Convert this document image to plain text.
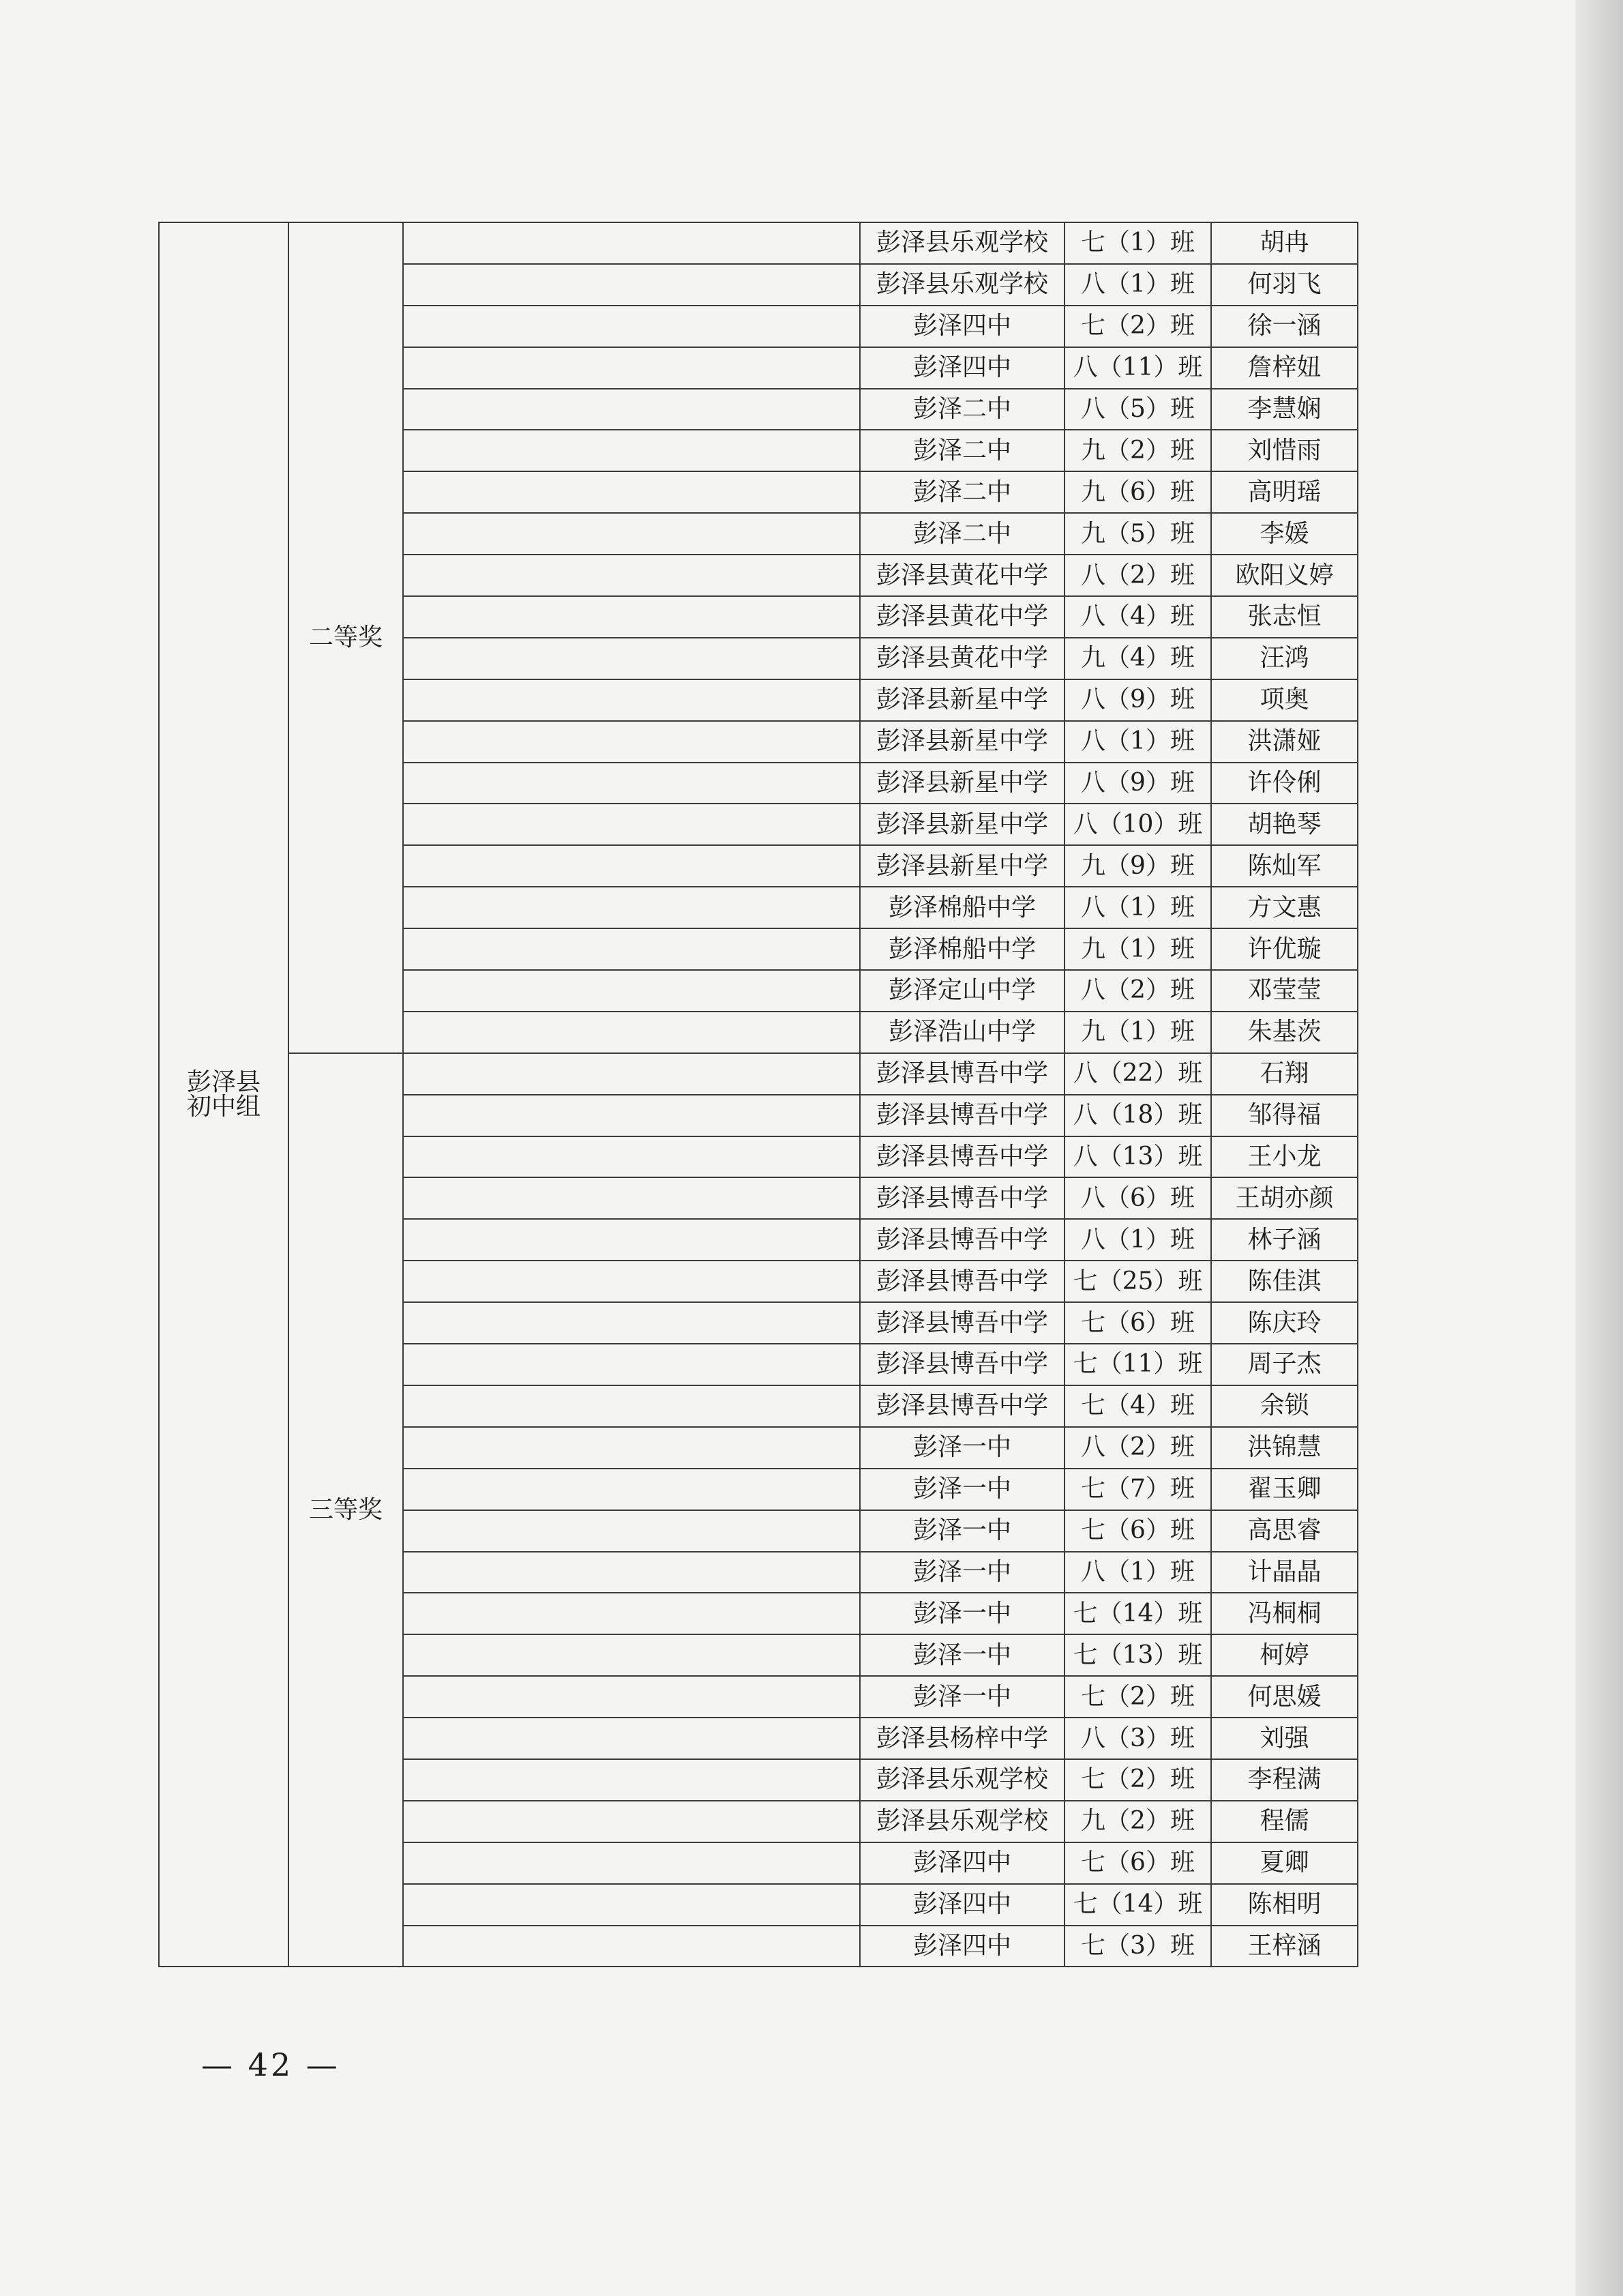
彭泽县
初中组	二等奖		彭泽县乐观学校	七（1）班	胡冉	
			彭泽县乐观学校	八（1）班	何羽飞	
			彭泽四中	七（2）班	徐一涵	
			彭泽四中	八（11）班	詹梓妞	
			彭泽二中	八（5）班	李慧娴	
			彭泽二中	九（2）班	刘惜雨	
			彭泽二中	九（6）班	高明瑶	
			彭泽二中	九（5）班	李媛	
			彭泽县黄花中学	八（2）班	欧阳义婷	
			彭泽县黄花中学	八（4）班	张志恒	
			彭泽县黄花中学	九（4）班	汪鸿	
			彭泽县新星中学	八（9）班	项奥	
			彭泽县新星中学	八（1）班	洪潇娅	
			彭泽县新星中学	八（9）班	许伶俐	
			彭泽县新星中学	八（10）班	胡艳琴	
			彭泽县新星中学	九（9）班	陈灿军	
			彭泽棉船中学	八（1）班	方文惠	
			彭泽棉船中学	九（1）班	许优璇	
			彭泽定山中学	八（2）班	邓莹莹	
			彭泽浩山中学	九（1）班	朱基茨	
	三等奖		彭泽县博吾中学	八（22）班	石翔	
			彭泽县博吾中学	八（18）班	邹得福	
			彭泽县博吾中学	八（13）班	王小龙	
			彭泽县博吾中学	八（6）班	王胡亦颜	
			彭泽县博吾中学	八（1）班	林子涵	
			彭泽县博吾中学	七（25）班	陈佳淇	
			彭泽县博吾中学	七（6）班	陈庆玲	
			彭泽县博吾中学	七（11）班	周子杰	
			彭泽县博吾中学	七（4）班	余锁	
			彭泽一中	八（2）班	洪锦慧	
			彭泽一中	七（7）班	翟玉卿	
			彭泽一中	七（6）班	高思睿	
			彭泽一中	八（1）班	计晶晶	
			彭泽一中	七（14）班	冯桐桐	
			彭泽一中	七（13）班	柯婷	
			彭泽一中	七（2）班	何思媛	
			彭泽县杨梓中学	八（3）班	刘强	
			彭泽县乐观学校	七（2）班	李程满	
			彭泽县乐观学校	九（2）班	程儒	
			彭泽四中	七（6）班	夏卿	
			彭泽四中	七（14）班	陈相明	
			彭泽四中	七（3）班	王梓涵	
— 42 —
